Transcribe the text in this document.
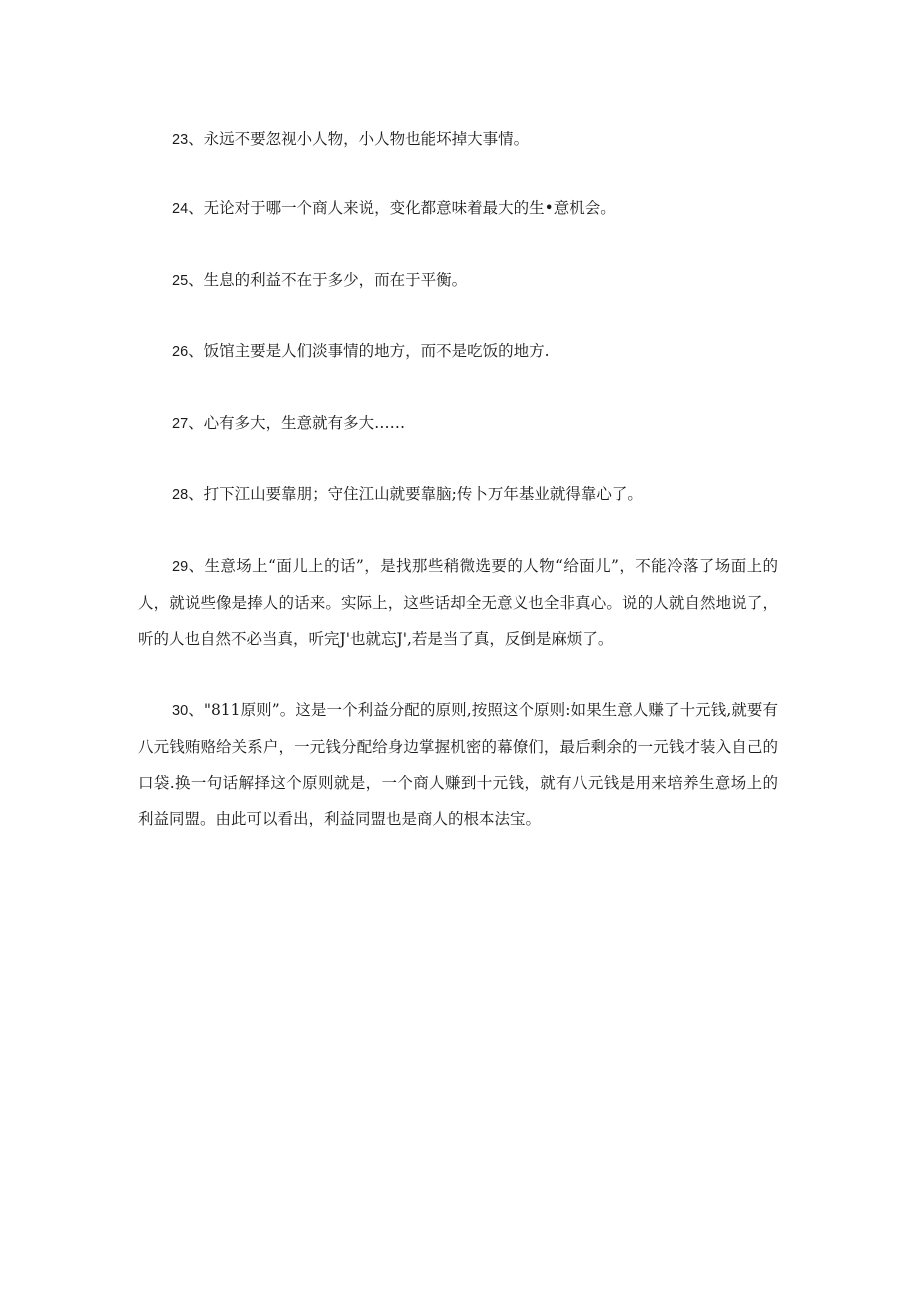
23、永远不要忽视小人物，小人物也能坏掉大事情。
24、无论对于哪一个商人来说，变化都意味着最大的生•意机会。
25、生息的利益不在于多少，而在于平衡。
26、饭馆主要是人们淡事情的地方，而不是吃饭的地方.
27、心有多大，生意就有多大……
28、打下江山要靠朋；守住江山就要靠脑;传卜万年基业就得靠心了。
29、生意场上“面儿上的话”，是找那些稍微选要的人物“给面儿”，不能冷落了场面上的人，就说些像是捧人的话来。实际上，这些话却全无意义也全非真心。说的人就自然地说了，听的人也自然不必当真，听完J'也就忘J',若是当了真，反倒是麻烦了。
30、"811原则”。这是一个利益分配的原则,按照这个原则:如果生意人赚了十元钱,就要有八元钱贿赂给关系户，一元钱分配给身边掌握机密的幕僚们，最后剩余的一元钱才装入自己的口袋.换一句话解择这个原则就是，一个商人赚到十元钱，就有八元钱是用来培养生意场上的利益同盟。由此可以看出，利益同盟也是商人的根本法宝。
